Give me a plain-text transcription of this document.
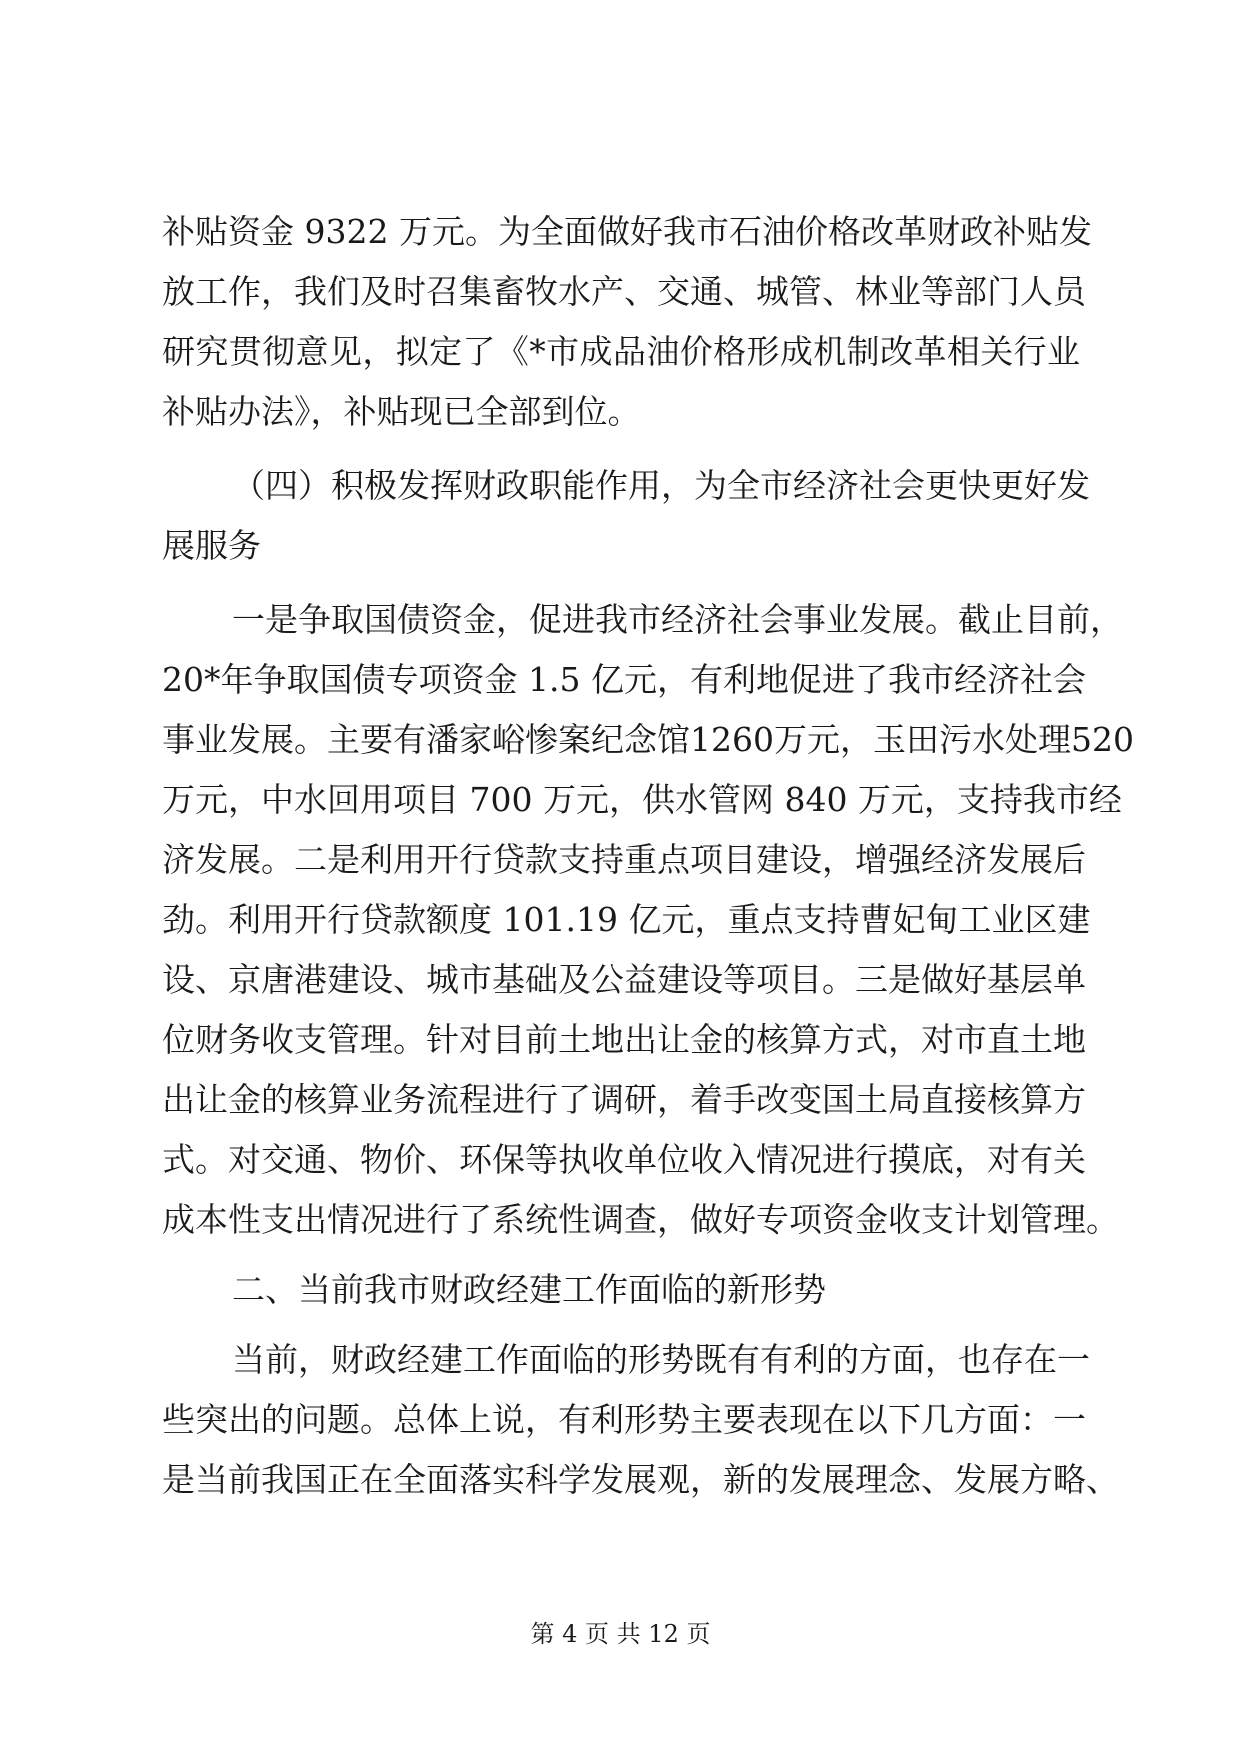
补贴资金 9322 万元。为全面做好我市石油价格改革财政补贴发
放工作，我们及时召集畜牧水产、交通、城管、林业等部门人员
研究贯彻意见，拟定了《*市成品油价格形成机制改革相关行业
补贴办法》，补贴现已全部到位。
（四）积极发挥财政职能作用，为全市经济社会更快更好发
展服务
一是争取国债资金，促进我市经济社会事业发展。截止目前，
20*年争取国债专项资金 1.5 亿元，有利地促进了我市经济社会
事业发展。主要有潘家峪惨案纪念馆1260万元，玉田污水处理520
万元，中水回用项目 700 万元，供水管网 840 万元，支持我市经
济发展。二是利用开行贷款支持重点项目建设，增强经济发展后
劲。利用开行贷款额度 101.19 亿元，重点支持曹妃甸工业区建
设、京唐港建设、城市基础及公益建设等项目。三是做好基层单
位财务收支管理。针对目前土地出让金的核算方式，对市直土地
出让金的核算业务流程进行了调研，着手改变国土局直接核算方
式。对交通、物价、环保等执收单位收入情况进行摸底，对有关
成本性支出情况进行了系统性调查，做好专项资金收支计划管理。
二、当前我市财政经建工作面临的新形势
当前，财政经建工作面临的形势既有有利的方面，也存在一
些突出的问题。总体上说，有利形势主要表现在以下几方面：一
是当前我国正在全面落实科学发展观，新的发展理念、发展方略、
第 4 页 共 12 页
